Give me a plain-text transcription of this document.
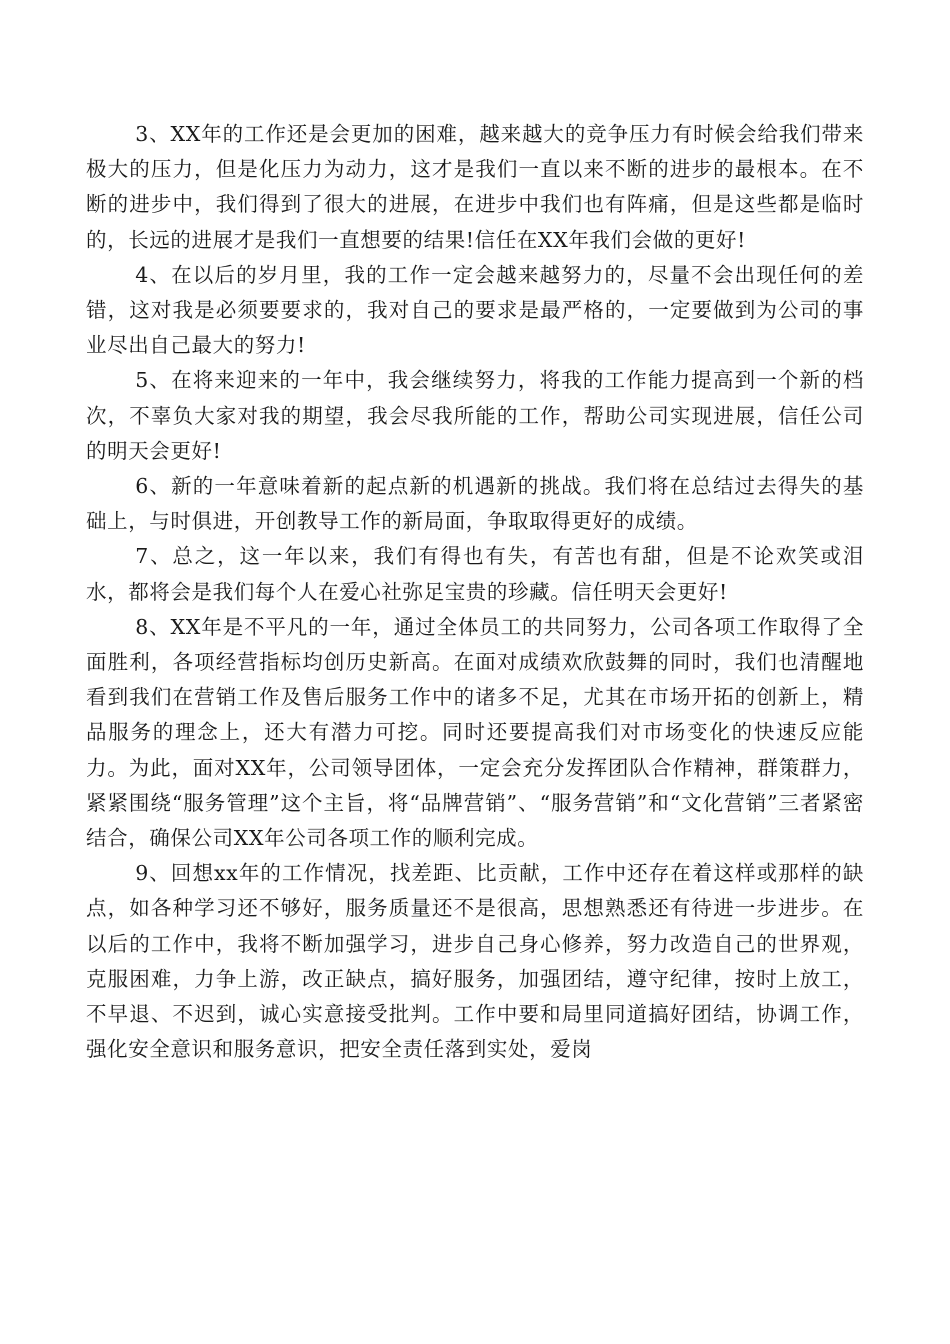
3、XX年的工作还是会更加的困难，越来越大的竞争压力有时候会给我们带来极大的压力，但是化压力为动力，这才是我们一直以来不断的进步的最根本。在不断的进步中，我们得到了很大的进展，在进步中我们也有阵痛，但是这些都是临时的，长远的进展才是我们一直想要的结果!信任在XX年我们会做的更好!

4、在以后的岁月里，我的工作一定会越来越努力的，尽量不会出现任何的差错，这对我是必须要要求的，我对自己的要求是最严格的，一定要做到为公司的事业尽出自己最大的努力!

5、在将来迎来的一年中，我会继续努力，将我的工作能力提高到一个新的档次，不辜负大家对我的期望，我会尽我所能的工作，帮助公司实现进展，信任公司的明天会更好!

6、新的一年意味着新的起点新的机遇新的挑战。我们将在总结过去得失的基础上，与时俱进，开创教导工作的新局面，争取取得更好的成绩。

7、总之，这一年以来，我们有得也有失，有苦也有甜，但是不论欢笑或泪水，都将会是我们每个人在爱心社弥足宝贵的珍藏。信任明天会更好!

8、XX年是不平凡的一年，通过全体员工的共同努力，公司各项工作取得了全面胜利，各项经营指标均创历史新高。在面对成绩欢欣鼓舞的同时，我们也清醒地看到我们在营销工作及售后服务工作中的诸多不足，尤其在市场开拓的创新上，精品服务的理念上，还大有潜力可挖。同时还要提高我们对市场变化的快速反应能力。为此，面对XX年，公司领导团体，一定会充分发挥团队合作精神，群策群力，紧紧围绕“服务管理”这个主旨，将“品牌营销”、“服务营销”和“文化营销”三者紧密结合，确保公司XX年公司各项工作的顺利完成。

9、回想xx年的工作情况，找差距、比贡献，工作中还存在着这样或那样的缺点，如各种学习还不够好，服务质量还不是很高，思想熟悉还有待进一步进步。在以后的工作中，我将不断加强学习，进步自己身心修养，努力改造自己的世界观，克服困难，力争上游，改正缺点，搞好服务，加强团结，遵守纪律，按时上放工，不早退、不迟到，诚心实意接受批判。工作中要和局里同道搞好团结，协调工作，强化安全意识和服务意识，把安全责任落到实处，爱岗
